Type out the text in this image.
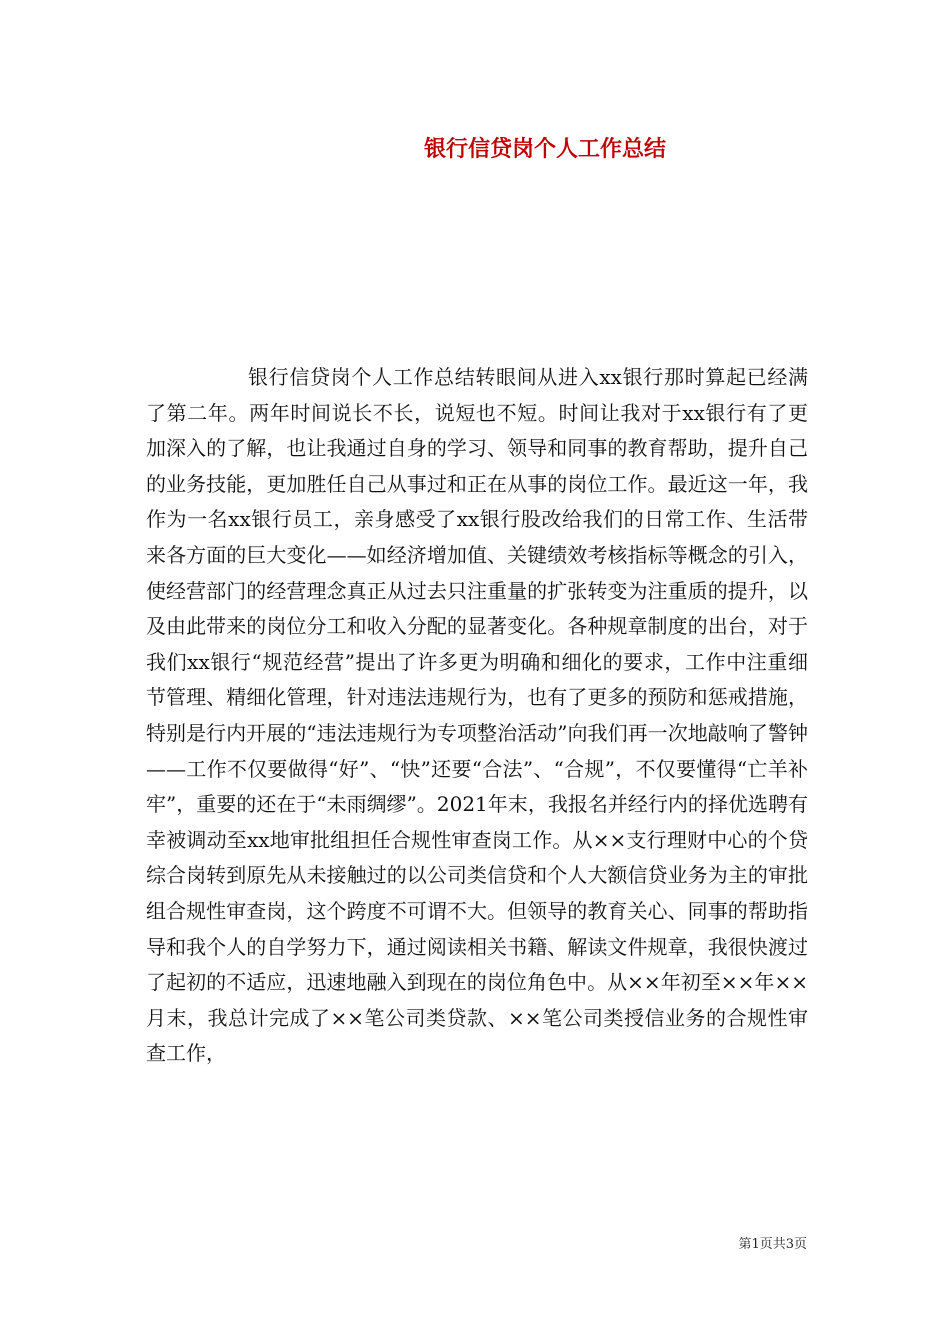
银行信贷岗个人工作总结

银行信贷岗个人工作总结转眼间从进入xx银行那时算起已经满了第二年。两年时间说长不长，说短也不短。时间让我对于xx银行有了更加深入的了解，也让我通过自身的学习、领导和同事的教育帮助，提升自己的业务技能，更加胜任自己从事过和正在从事的岗位工作。最近这一年，我作为一名xx银行员工，亲身感受了xx银行股改给我们的日常工作、生活带来各方面的巨大变化——如经济增加值、关键绩效考核指标等概念的引入，使经营部门的经营理念真正从过去只注重量的扩张转变为注重质的提升，以及由此带来的岗位分工和收入分配的显著变化。各种规章制度的出台，对于我们xx银行“规范经营”提出了许多更为明确和细化的要求，工作中注重细节管理、精细化管理，针对违法违规行为，也有了更多的预防和惩戒措施，特别是行内开展的“违法违规行为专项整治活动”向我们再一次地敲响了警钟——工作不仅要做得“好”、“快”还要“合法”、“合规”，不仅要懂得“亡羊补牢”，重要的还在于“未雨绸缪”。2021年末，我报名并经行内的择优选聘有幸被调动至xx地审批组担任合规性审查岗工作。从××支行理财中心的个贷综合岗转到原先从未接触过的以公司类信贷和个人大额信贷业务为主的审批组合规性审查岗，这个跨度不可谓不大。但领导的教育关心、同事的帮助指导和我个人的自学努力下，通过阅读相关书籍、解读文件规章，我很快渡过了起初的不适应，迅速地融入到现在的岗位角色中。从××年初至××年××月末，我总计完成了××笔公司类贷款、××笔公司类授信业务的合规性审查工作，

第1页共3页
